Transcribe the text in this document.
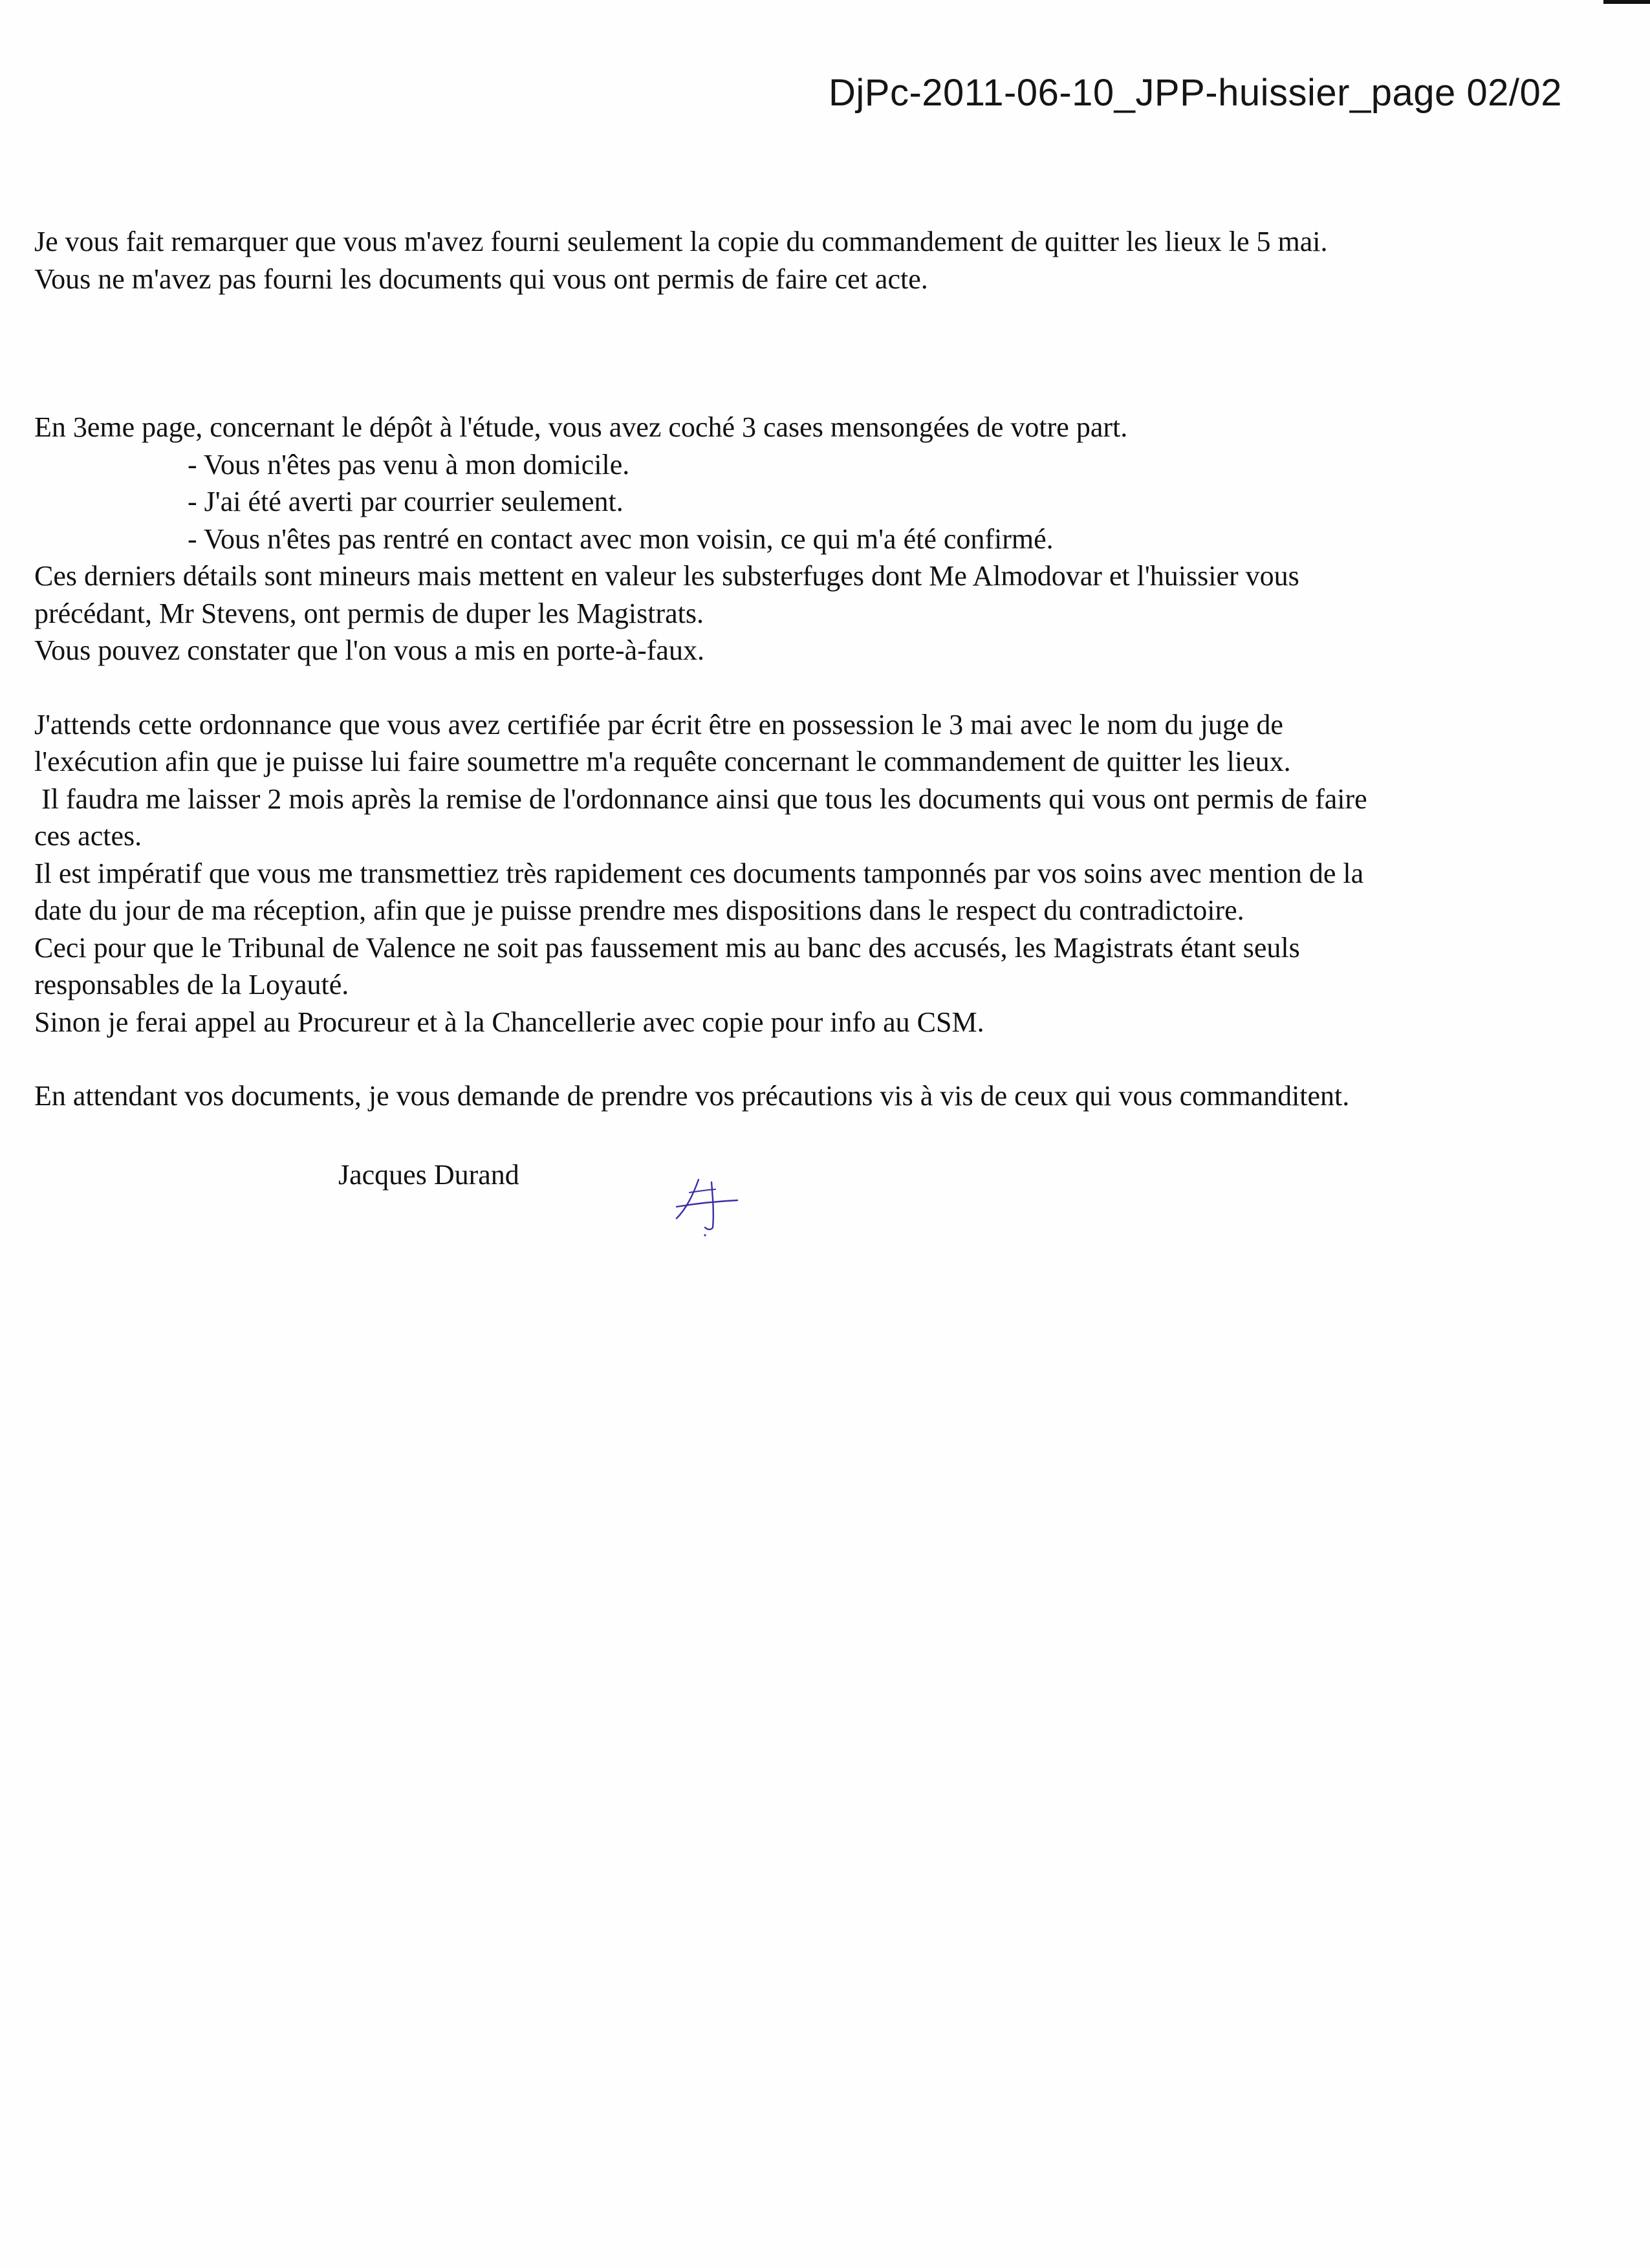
DjPc-2011-06-10_JPP-huissier_page 02/02

Je vous fait remarquer que vous m'avez fourni seulement la copie du commandement de quitter les lieux le 5 mai.

Vous ne m'avez pas fourni les documents qui vous ont permis de faire cet acte.

En 3eme page, concernant le dépôt à l'étude, vous avez coché 3 cases mensongées de votre part.

- Vous n'êtes pas venu à mon domicile.

- J'ai été averti par courrier seulement.

- Vous n'êtes pas rentré en contact avec mon voisin, ce qui m'a été confirmé.

Ces derniers détails sont mineurs mais mettent en valeur les substerfuges dont Me Almodovar et l'huissier vous

précédant, Mr Stevens, ont permis de duper les Magistrats.

Vous pouvez constater que l'on vous a mis en porte-à-faux.

J'attends cette ordonnance que vous avez certifiée par écrit être en possession le 3 mai avec le nom du juge de

l'exécution afin que je puisse lui faire soumettre m'a requête concernant le commandement de quitter les lieux.

Il faudra me laisser 2 mois après la remise de l'ordonnance ainsi que tous les documents qui vous ont permis de faire

ces actes.

Il est impératif que vous me transmettiez très rapidement ces documents tamponnés par vos soins avec mention de la

date du jour de ma réception, afin que je puisse prendre mes dispositions dans le respect du contradictoire.

Ceci pour que le Tribunal de Valence ne soit pas faussement mis au banc des accusés, les Magistrats étant seuls

responsables de la Loyauté.

Sinon je ferai appel au Procureur et à la Chancellerie avec copie pour info au CSM.

En attendant vos documents, je vous demande de prendre vos précautions vis à vis de ceux qui vous commanditent.

Jacques Durand
